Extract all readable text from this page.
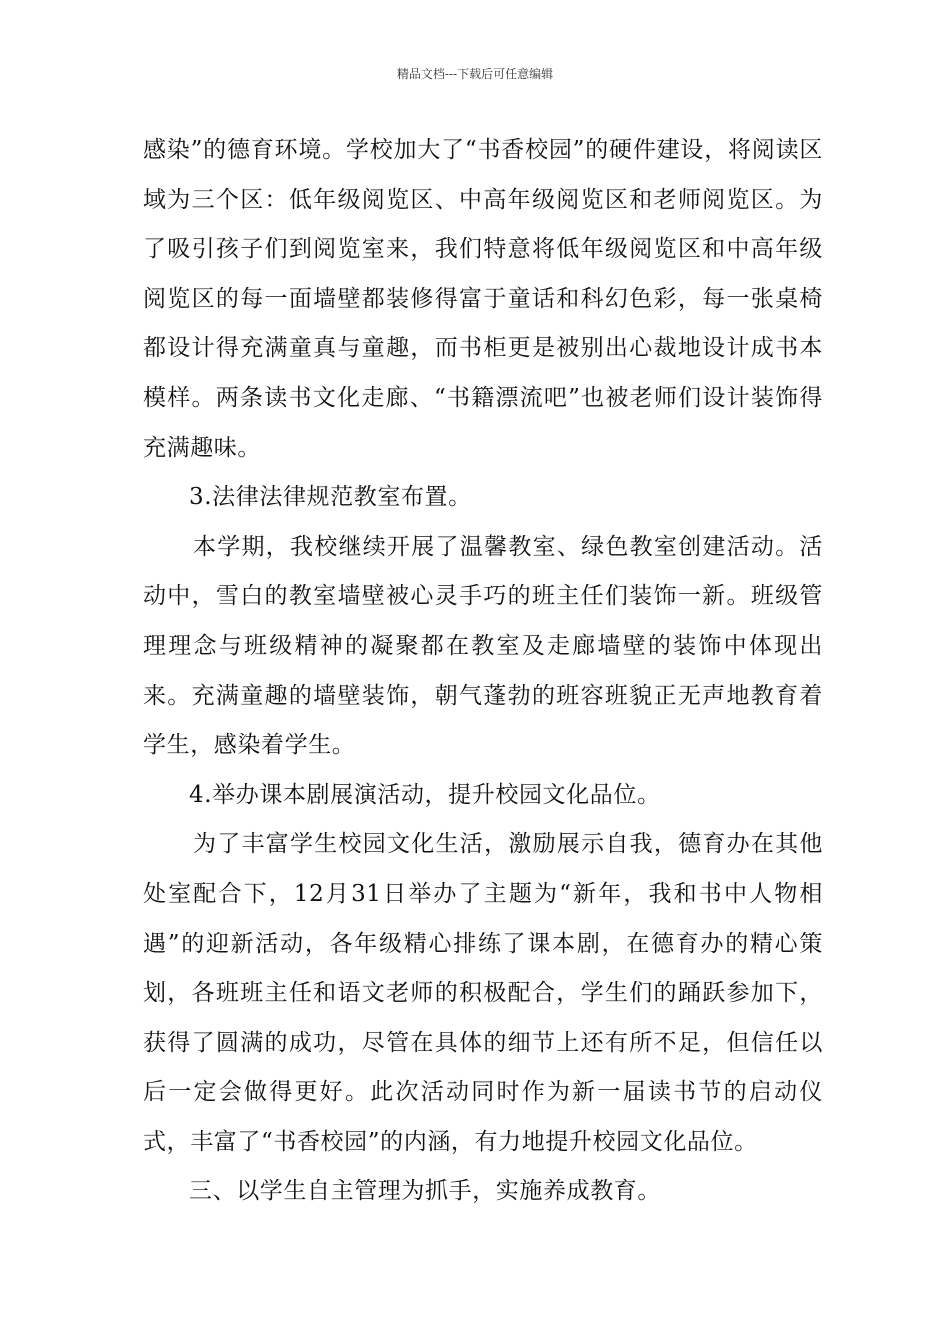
精品文档---下载后可任意编辑

感染”的德育环境。学校加大了“书香校园”的硬件建设，将阅读区域为三个区：低年级阅览区、中高年级阅览区和老师阅览区。为了吸引孩子们到阅览室来，我们特意将低年级阅览区和中高年级阅览区的每一面墙壁都装修得富于童话和科幻色彩，每一张桌椅都设计得充满童真与童趣，而书柜更是被别出心裁地设计成书本模样。两条读书文化走廊、“书籍漂流吧”也被老师们设计装饰得充满趣味。

3.法律法律规范教室布置。

本学期，我校继续开展了温馨教室、绿色教室创建活动。活动中，雪白的教室墙壁被心灵手巧的班主任们装饰一新。班级管理理念与班级精神的凝聚都在教室及走廊墙壁的装饰中体现出来。充满童趣的墙壁装饰，朝气蓬勃的班容班貌正无声地教育着学生，感染着学生。

4.举办课本剧展演活动，提升校园文化品位。

为了丰富学生校园文化生活，激励展示自我，德育办在其他处室配合下，12月31日举办了主题为“新年，我和书中人物相遇”的迎新活动，各年级精心排练了课本剧，在德育办的精心策划，各班班主任和语文老师的积极配合，学生们的踊跃参加下，获得了圆满的成功，尽管在具体的细节上还有所不足，但信任以后一定会做得更好。此次活动同时作为新一届读书节的启动仪式，丰富了“书香校园”的内涵，有力地提升校园文化品位。

三、以学生自主管理为抓手，实施养成教育。
